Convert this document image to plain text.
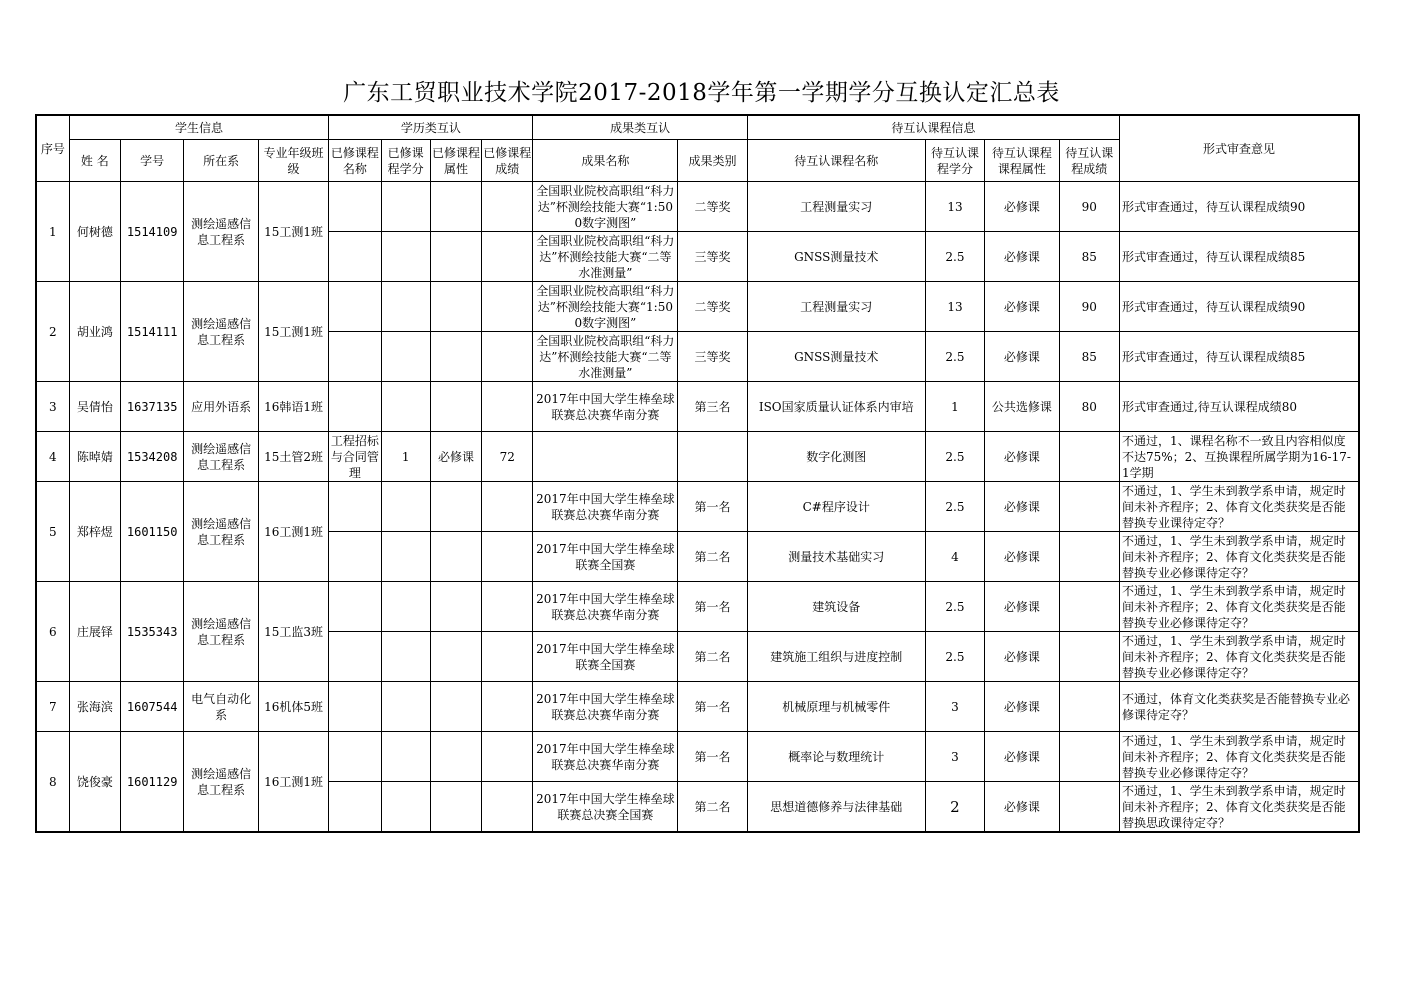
广东工贸职业技术学院2017-2018学年第一学期学分互换认定汇总表
序号	学生信息				学历类互认				成果类互认		待互认课程信息				形式审查意见
	姓 名	学号	所在系	专业年级班级	已修课程名称	已修课程学分	已修课程属性	已修课程成绩	成果名称	成果类别	待互认课程名称	待互认课程学分	待互认课程课程属性	待互认课程成绩	
1	何树德	1514109	测绘遥感信息工程系	15工测1班					全国职业院校高职组“科力达”杯测绘技能大赛“1:500数字测图”	二等奖	工程测量实习	13	必修课	90	形式审查通过，待互认课程成绩90
									全国职业院校高职组“科力达”杯测绘技能大赛“二等水准测量”	三等奖	GNSS测量技术	2.5	必修课	85	形式审查通过，待互认课程成绩85
2	胡业鸿	1514111	测绘遥感信息工程系	15工测1班					全国职业院校高职组“科力达”杯测绘技能大赛“1:500数字测图”	二等奖	工程测量实习	13	必修课	90	形式审查通过，待互认课程成绩90
									全国职业院校高职组“科力达”杯测绘技能大赛“二等水准测量”	三等奖	GNSS测量技术	2.5	必修课	85	形式审查通过，待互认课程成绩85
3	吴倩怡	1637135	应用外语系	16韩语1班					2017年中国大学生棒垒球联赛总决赛华南分赛	第三名	ISO国家质量认证体系内审培	1	公共选修课	80	形式审查通过,待互认课程成绩80
4	陈晫婧	1534208	测绘遥感信息工程系	15土管2班	工程招标与合同管理	1	必修课	72			数字化测图	2.5	必修课		不通过，1、课程名称不一致且内容相似度不达75%；2、互换课程所属学期为16-17-1学期
5	郑梓煜	1601150	测绘遥感信息工程系	16工测1班					2017年中国大学生棒垒球联赛总决赛华南分赛	第一名	C#程序设计	2.5	必修课		不通过，1、学生未到教学系申请，规定时间未补齐程序；2、体育文化类获奖是否能替换专业课待定夺？
									2017年中国大学生棒垒球联赛全国赛	第二名	测量技术基础实习	4	必修课		不通过，1、学生未到教学系申请，规定时间未补齐程序；2、体育文化类获奖是否能替换专业必修课待定夺？
6	庄展铎	1535343	测绘遥感信息工程系	15工监3班					2017年中国大学生棒垒球联赛总决赛华南分赛	第一名	建筑设备	2.5	必修课		不通过，1、学生未到教学系申请，规定时间未补齐程序；2、体育文化类获奖是否能替换专业必修课待定夺？
									2017年中国大学生棒垒球联赛全国赛	第二名	建筑施工组织与进度控制	2.5	必修课		不通过，1、学生未到教学系申请，规定时间未补齐程序；2、体育文化类获奖是否能替换专业必修课待定夺？
7	张海滨	1607544	电气自动化系	16机体5班					2017年中国大学生棒垒球联赛总决赛华南分赛	第一名	机械原理与机械零件	3	必修课		不通过，体育文化类获奖是否能替换专业必修课待定夺？
8	饶俊豪	1601129	测绘遥感信息工程系	16工测1班					2017年中国大学生棒垒球联赛总决赛华南分赛	第一名	概率论与数理统计	3	必修课		不通过，1、学生未到教学系申请，规定时间未补齐程序；2、体育文化类获奖是否能替换专业必修课待定夺？
									2017年中国大学生棒垒球联赛总决赛全国赛	第二名	思想道德修养与法律基础	2	必修课		不通过，1、学生未到教学系申请，规定时间未补齐程序；2、体育文化类获奖是否能替换思政课待定夺？
